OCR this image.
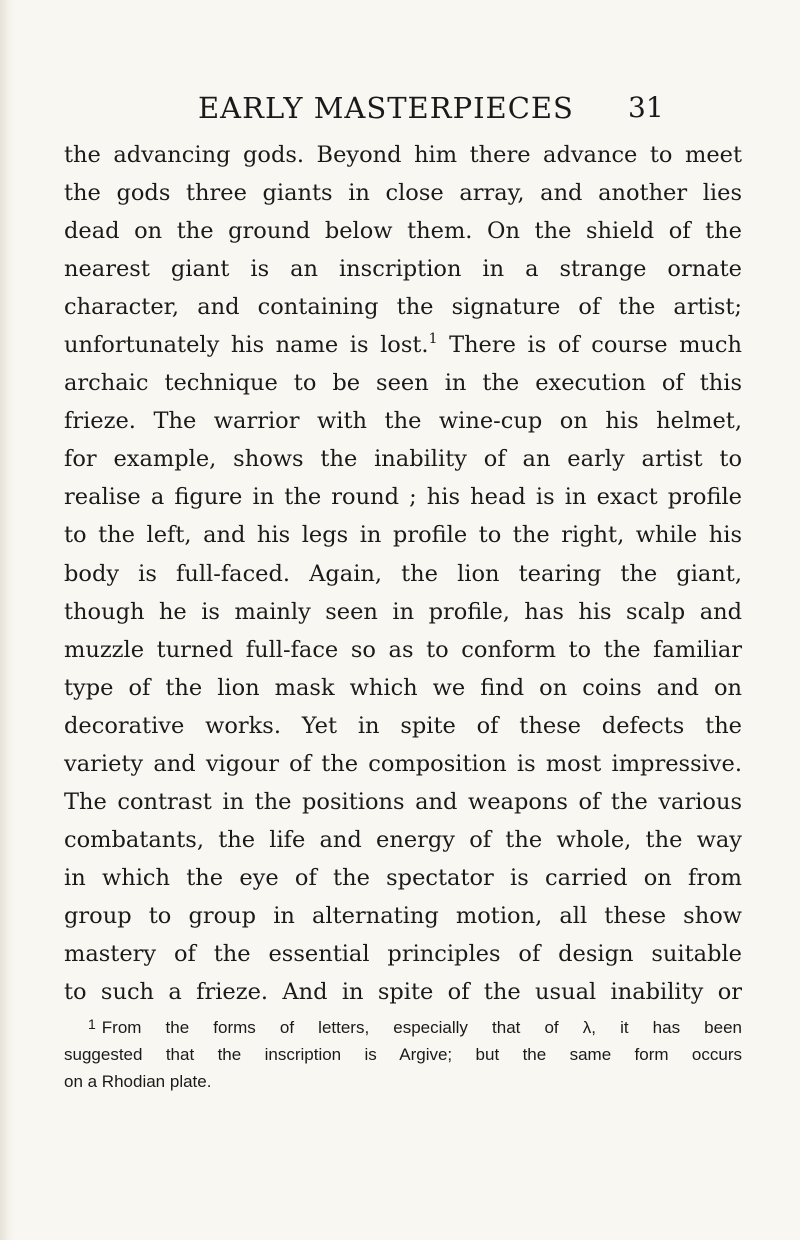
EARLY MASTERPIECES 31
the advancing gods. Beyond him there advance to meet
the gods three giants in close array, and another lies
dead on the ground below them. On the shield of the
nearest giant is an inscription in a strange ornate
character, and containing the signature of the artist;
unfortunately his name is lost.$^1$ There is of course much
archaic technique to be seen in the execution of this
frieze. The warrior with the wine-cup on his helmet,
for example, shows the inability of an early artist to
realise a figure in the round ; his head is in exact profile
to the left, and his legs in profile to the right, while his
body is full-faced. Again, the lion tearing the giant,
though he is mainly seen in profile, has his scalp and
muzzle turned full-face so as to conform to the familiar
type of the lion mask which we find on coins and on
decorative works. Yet in spite of these defects the
variety and vigour of the composition is most impressive.
The contrast in the positions and weapons of the various
combatants, the life and energy of the whole, the way
in which the eye of the spectator is carried on from
group to group in alternating motion, all these show
mastery of the essential principles of design suitable
to such a frieze. And in spite of the usual inability or
$^1$ From the forms of letters, especially that of λ, it has been
suggested that the inscription is Argive; but the same form occurs
on a Rhodian plate.
